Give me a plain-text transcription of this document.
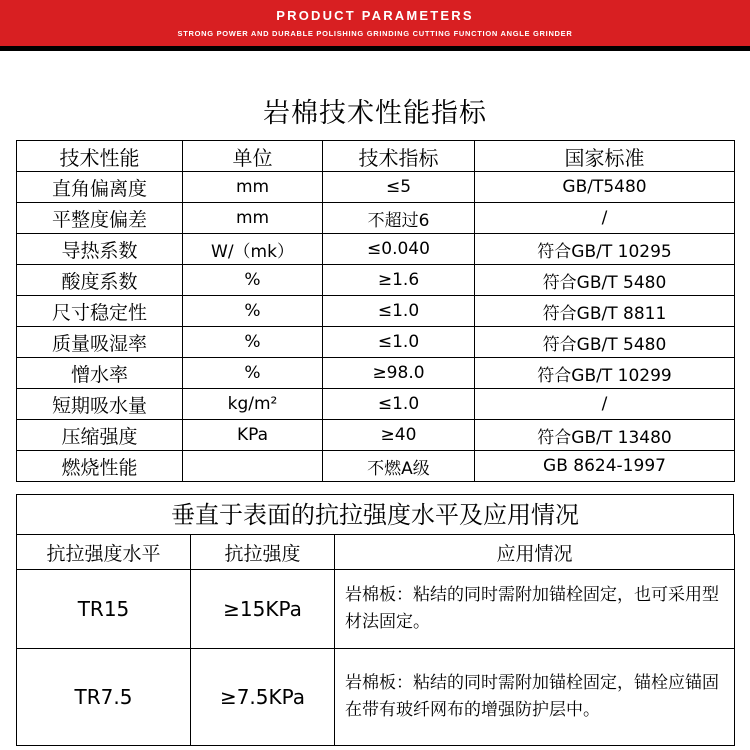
PRODUCT PARAMETERS
STRONG POWER AND DURABLE POLISHING GRINDING CUTTING FUNCTION ANGLE GRINDER
岩棉技术性能指标
技术性能	单位	技术指标	国家标准
直角偏离度	mm	≤5	GB/T5480
平整度偏差	mm	不超过6	/
导热系数	W/（mk）	≤0.040	符合GB/T 10295
酸度系数	%	≥1.6	符合GB/T 5480
尺寸稳定性	%	≤1.0	符合GB/T 8811
质量吸湿率	%	≤1.0	符合GB/T 5480
憎水率	%	≥98.0	符合GB/T 10299
短期吸水量	kg/m²	≤1.0	/
压缩强度	KPa	≥40	符合GB/T 13480
燃烧性能		不燃A级	GB 8624-1997
垂直于表面的抗拉强度水平及应用情况
抗拉强度水平	抗拉强度	应用情况
TR15	≥15KPa	岩棉板：粘结的同时需附加锚栓固定，也可采用型材法固定。
TR7.5	≥7.5KPa	岩棉板：粘结的同时需附加锚栓固定，锚栓应锚固在带有玻纤网布的增强防护层中。
